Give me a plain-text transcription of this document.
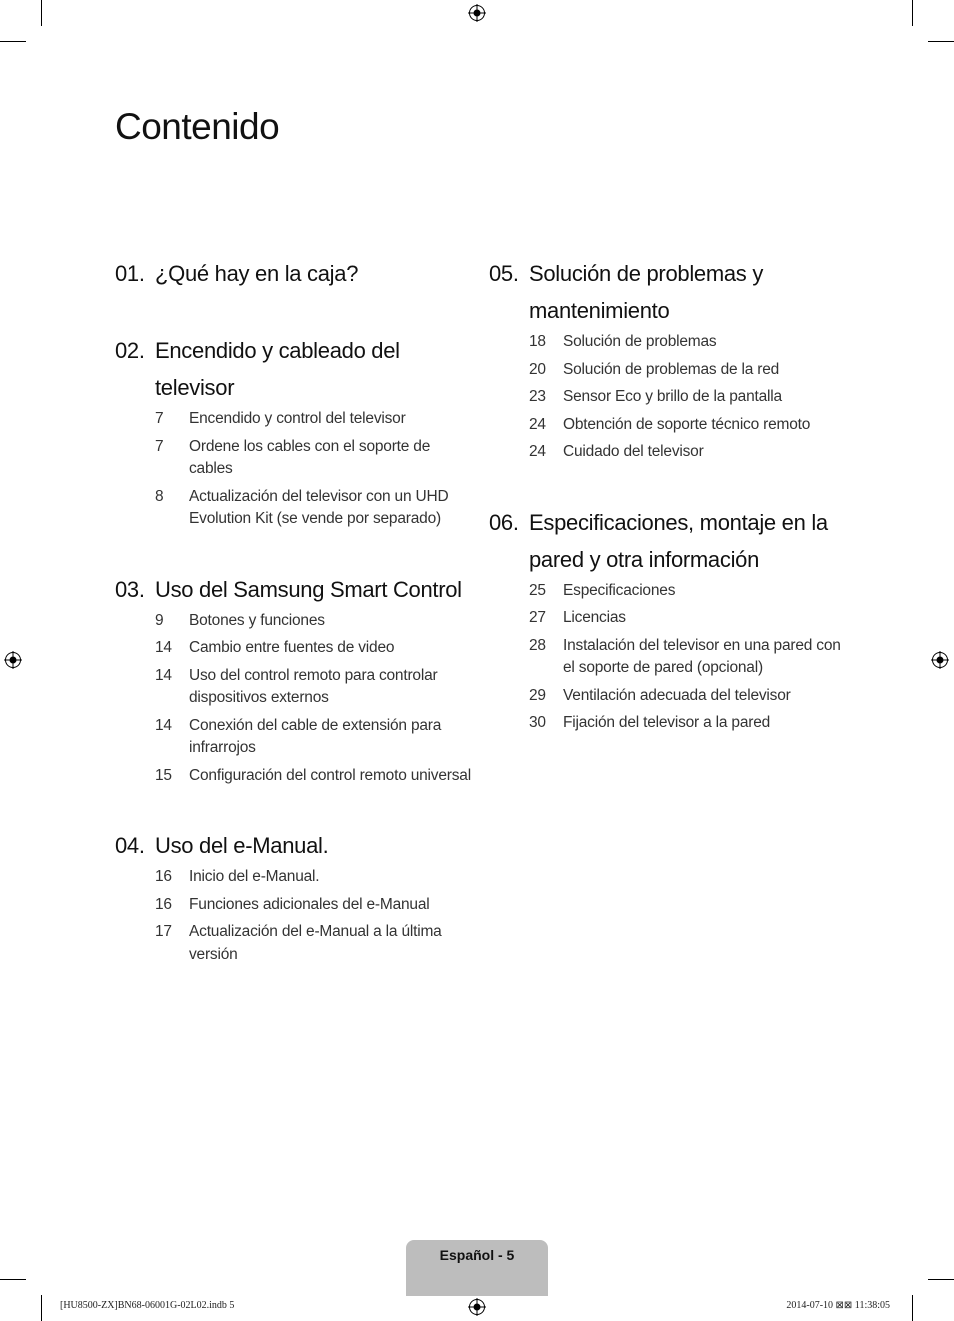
Contenido
01. ¿Qué hay en la caja?
02. Encendido y cableado del televisor
7	Encendido y control del televisor
7	Ordene los cables con el soporte de cables
8	Actualización del televisor con un UHD Evolution Kit (se vende por separado)
03. Uso del Samsung Smart Control
9	Botones y funciones
14	Cambio entre fuentes de video
14	Uso del control remoto para controlar dispositivos externos
14	Conexión del cable de extensión para infrarrojos
15	Configuración del control remoto universal
04. Uso del e-Manual.
16	Inicio del e-Manual.
16	Funciones adicionales del e-Manual
17	Actualización del e-Manual a la última versión
05. Solución de problemas y mantenimiento
18	Solución de problemas
20	Solución de problemas de la red
23	Sensor Eco y brillo de la pantalla
24	Obtención de soporte técnico remoto
24	Cuidado del televisor
06. Especificaciones, montaje en la pared y otra información
25	Especificaciones
27	Licencias
28	Instalación del televisor en una pared con el soporte de pared (opcional)
29	Ventilación adecuada del televisor
30	Fijación del televisor a la pared
Español - 5
[HU8500-ZX]BN68-06001G-02L02.indb 5	2014-07-10 ⊠⊠ 11:38:05
